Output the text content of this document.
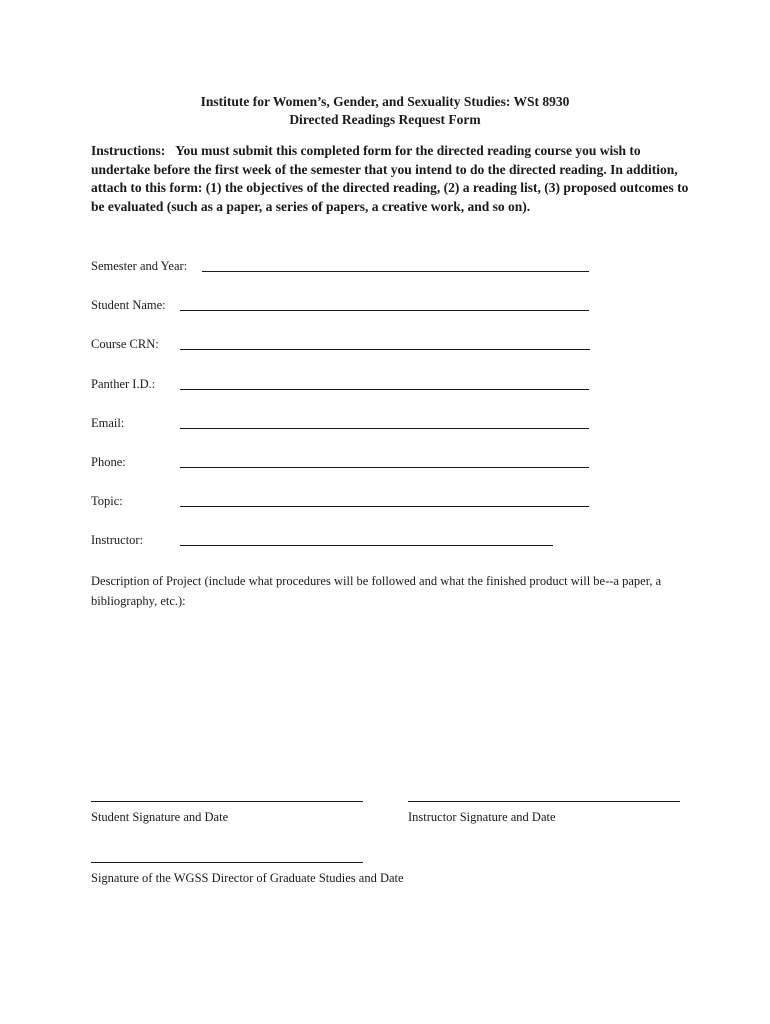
Institute for Women’s, Gender, and Sexuality Studies: WSt 8930
Directed Readings Request Form
Instructions: You must submit this completed form for the directed reading course you wish to undertake before the first week of the semester that you intend to do the directed reading. In addition, attach to this form: (1) the objectives of the directed reading, (2) a reading list, (3) proposed outcomes to be evaluated (such as a paper, a series of papers, a creative work, and so on).
Semester and Year:
Student Name:
Course CRN:
Panther I.D.:
Email:
Phone:
Topic:
Instructor:
Description of Project (include what procedures will be followed and what the finished product will be--a paper, a bibliography, etc.):
Student Signature and Date	Instructor Signature and Date
Signature of the WGSS Director of Graduate Studies and Date
